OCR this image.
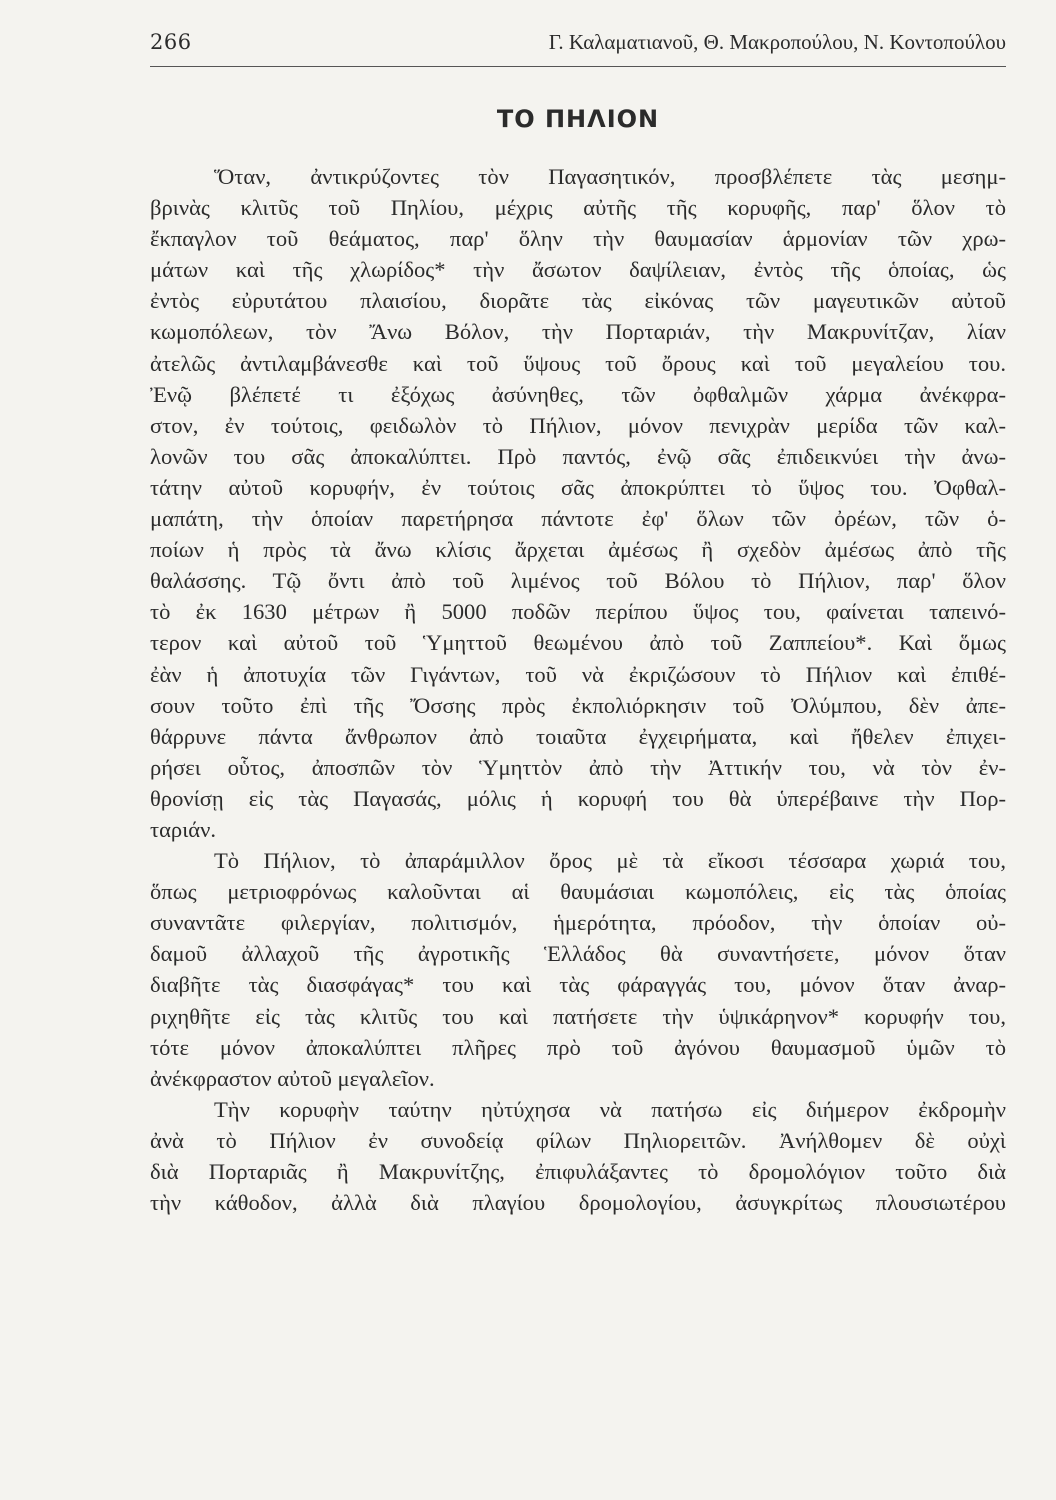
266	Γ. Καλαματιανοῦ, Θ. Μακροπούλου, Ν. Κοντοπούλου
ΤΟ ΠΗΛΙΟΝ
Ὅταν, ἀντικρύζοντες τὸν Παγασητικόν, προσβλέπετε τὰς μεσημ-
βρινὰς κλιτῦς τοῦ Πηλίου, μέχρις αὐτῆς τῆς κορυφῆς, παρ' ὅλον τὸ
ἔκπαγλον τοῦ θεάματος, παρ' ὅλην τὴν θαυμασίαν ἁρμονίαν τῶν χρω-
μάτων καὶ τῆς χλωρίδος* τὴν ἄσωτον δαψίλειαν, ἐντὸς τῆς ὁποίας, ὡς
ἐντὸς εὐρυτάτου πλαισίου, διορᾶτε τὰς εἰκόνας τῶν μαγευτικῶν αὐτοῦ
κωμοπόλεων, τὸν Ἄνω Βόλον, τὴν Πορταριάν, τὴν Μακρυνίτζαν, λίαν
ἀτελῶς ἀντιλαμβάνεσθε καὶ τοῦ ὕψους τοῦ ὄρους καὶ τοῦ μεγαλείου του.
Ἐνῷ βλέπετέ τι ἐξόχως ἀσύνηθες, τῶν ὀφθαλμῶν χάρμα ἀνέκφρα-
στον, ἐν τούτοις, φειδωλὸν τὸ Πήλιον, μόνον πενιχρὰν μερίδα τῶν καλ-
λονῶν του σᾶς ἀποκαλύπτει. Πρὸ παντός, ἐνῷ σᾶς ἐπιδεικνύει τὴν ἀνω-
τάτην αὐτοῦ κορυφήν, ἐν τούτοις σᾶς ἀποκρύπτει τὸ ὕψος του. Ὀφθαλ-
μαπάτη, τὴν ὁποίαν παρετήρησα πάντοτε ἐφ' ὅλων τῶν ὀρέων, τῶν ὁ-
ποίων ἡ πρὸς τὰ ἄνω κλίσις ἄρχεται ἀμέσως ἢ σχεδὸν ἀμέσως ἀπὸ τῆς
θαλάσσης. Τῷ ὄντι ἀπὸ τοῦ λιμένος τοῦ Βόλου τὸ Πήλιον, παρ' ὅλον
τὸ ἐκ 1630 μέτρων ἢ 5000 ποδῶν περίπου ὕψος του, φαίνεται ταπεινό-
τερον καὶ αὐτοῦ τοῦ Ὑμηττοῦ θεωμένου ἀπὸ τοῦ Ζαππείου*. Καὶ ὅμως
ἐὰν ἡ ἀποτυχία τῶν Γιγάντων, τοῦ νὰ ἐκριζώσουν τὸ Πήλιον καὶ ἐπιθέ-
σουν τοῦτο ἐπὶ τῆς Ὄσσης πρὸς ἐκπολιόρκησιν τοῦ Ὀλύμπου, δὲν ἀπε-
θάρρυνε πάντα ἄνθρωπον ἀπὸ τοιαῦτα ἐγχειρήματα, καὶ ἤθελεν ἐπιχει-
ρήσει οὗτος, ἀποσπῶν τὸν Ὑμηττὸν ἀπὸ τὴν Ἀττικήν του, νὰ τὸν ἐν-
θρονίσῃ εἰς τὰς Παγασάς, μόλις ἡ κορυφή του θὰ ὑπερέβαινε τὴν Πορ-
ταριάν.
Τὸ Πήλιον, τὸ ἀπαράμιλλον ὄρος μὲ τὰ εἴκοσι τέσσαρα χωριά του,
ὅπως μετριοφρόνως καλοῦνται αἱ θαυμάσιαι κωμοπόλεις, εἰς τὰς ὁποίας
συναντᾶτε φιλεργίαν, πολιτισμόν, ἡμερότητα, πρόοδον, τὴν ὁποίαν οὐ-
δαμοῦ ἀλλαχοῦ τῆς ἀγροτικῆς Ἑλλάδος θὰ συναντήσετε, μόνον ὅταν
διαβῆτε τὰς διασφάγας* του καὶ τὰς φάραγγάς του, μόνον ὅταν ἀναρ-
ριχηθῆτε εἰς τὰς κλιτῦς του καὶ πατήσετε τὴν ὑψικάρηνον* κορυφήν του,
τότε μόνον ἀποκαλύπτει πλῆρες πρὸ τοῦ ἀγόνου θαυμασμοῦ ὑμῶν τὸ
ἀνέκφραστον αὐτοῦ μεγαλεῖον.
Τὴν κορυφὴν ταύτην ηὐτύχησα νὰ πατήσω εἰς διήμερον ἐκδρομὴν
ἀνὰ τὸ Πήλιον ἐν συνοδείᾳ φίλων Πηλιορειτῶν. Ἀνήλθομεν δὲ οὐχὶ
διὰ Πορταριᾶς ἢ Μακρυνίτζης, ἐπιφυλάξαντες τὸ δρομολόγιον τοῦτο διὰ
τὴν κάθοδον, ἀλλὰ διὰ πλαγίου δρομολογίου, ἀσυγκρίτως πλουσιωτέρου
